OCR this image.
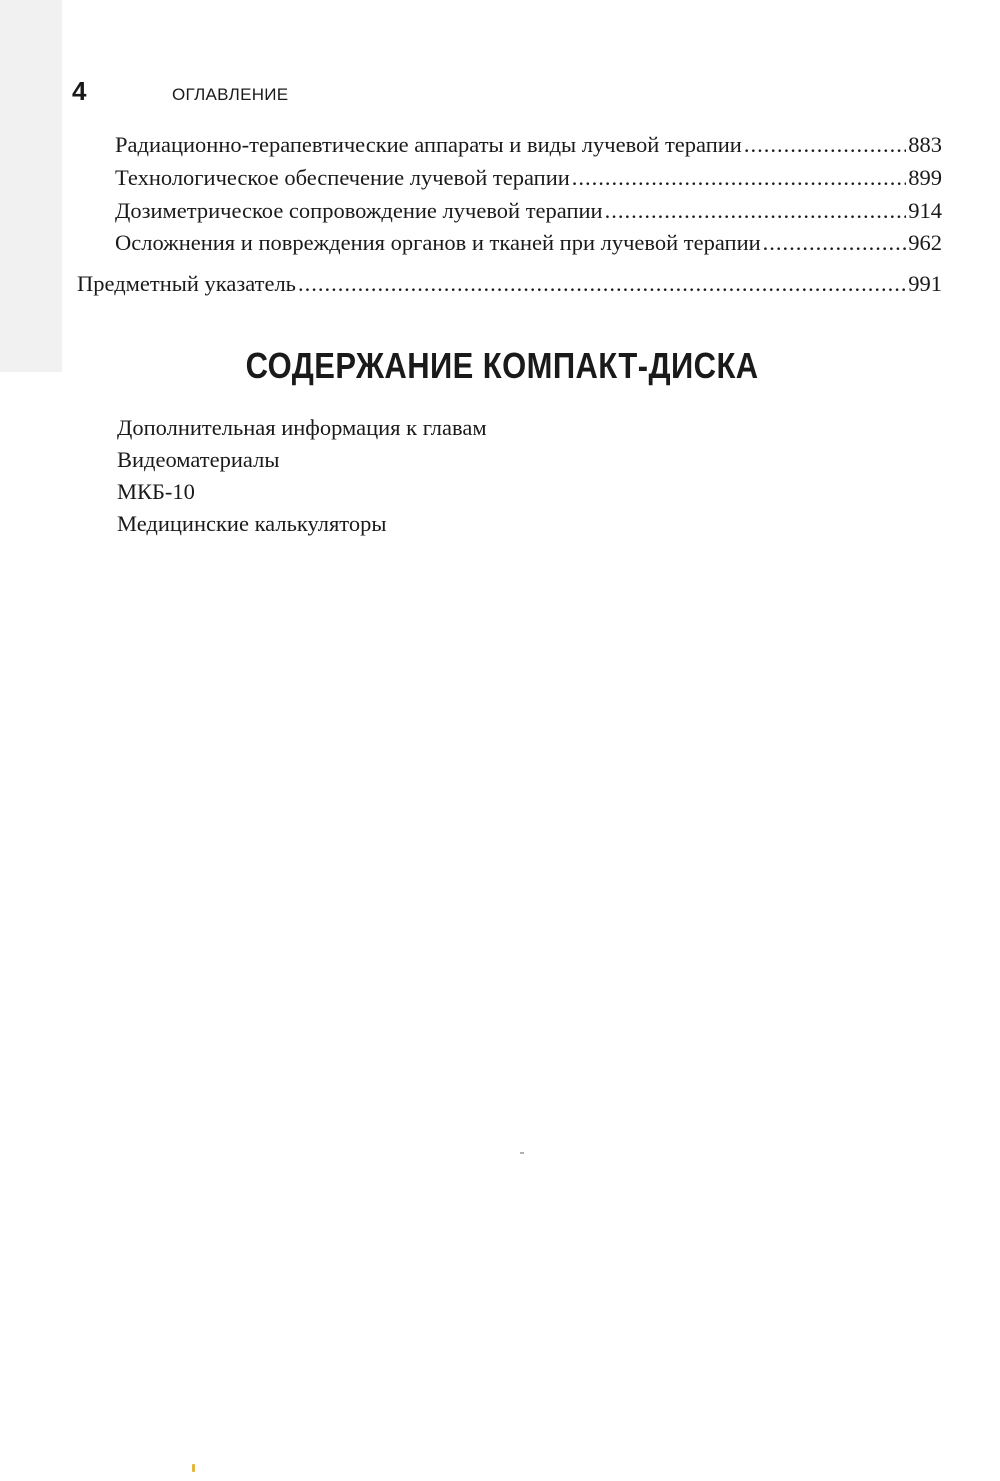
4	ОГЛАВЛЕНИЕ
Радиационно-терапевтические аппараты и виды лучевой терапии .....	883
Технологическое обеспечение лучевой терапии .....	899
Дозиметрическое сопровождение лучевой терапии .....	914
Осложнения и повреждения органов и тканей при лучевой терапии .....	962
Предметный указатель .....	991
СОДЕРЖАНИЕ КОМПАКТ-ДИСКА
Дополнительная информация к главам
Видеоматериалы
МКБ-10
Медицинские калькуляторы
